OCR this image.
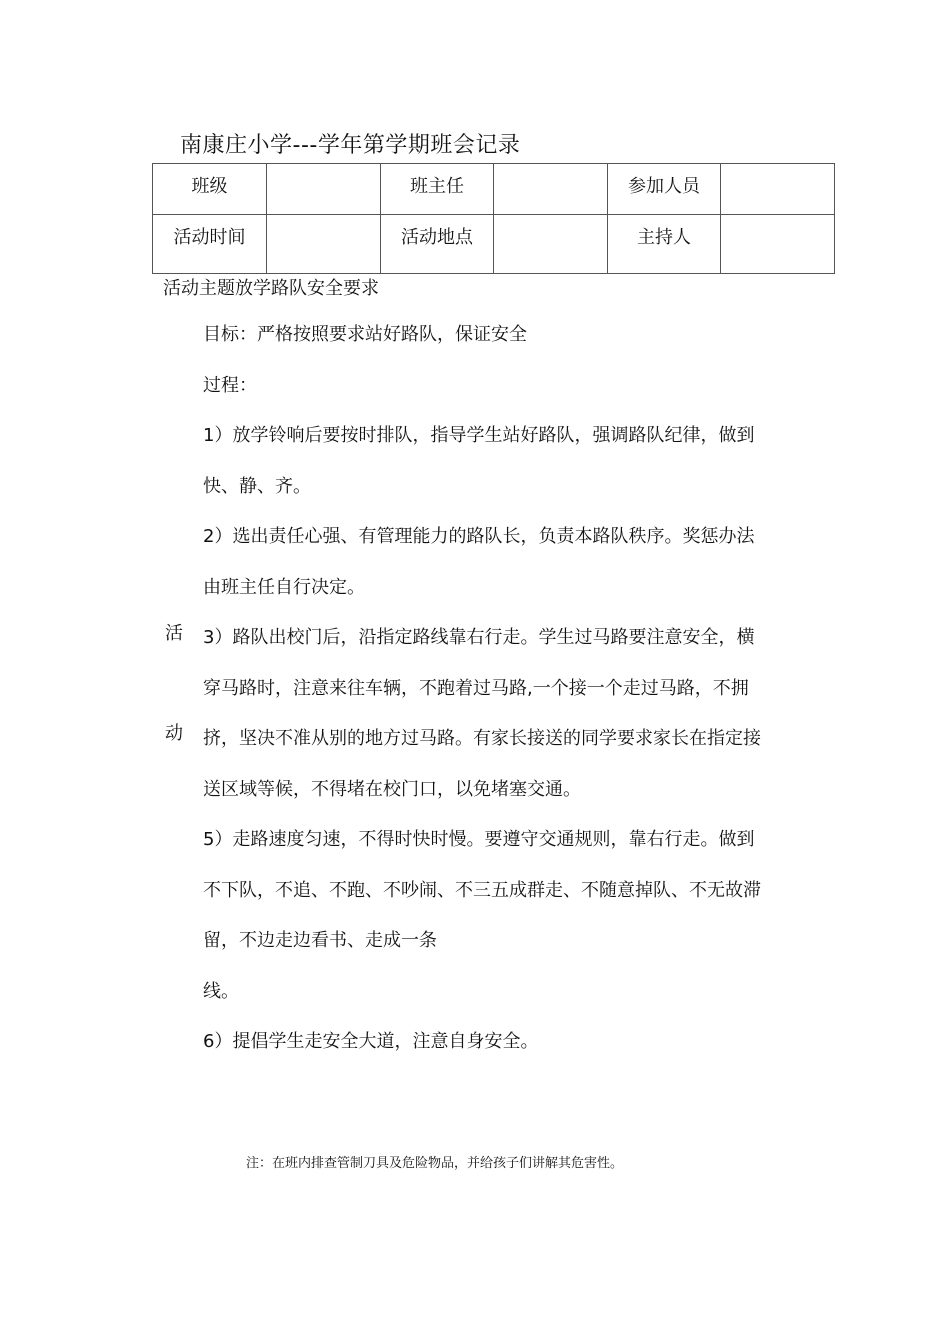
南康庄小学---学年第学期班会记录
班级		班主任		参加人员	
活动时间		活动地点		主持人	
活动主题放学路队安全要求
活
动

目标：严格按照要求站好路队，保证安全

过程：

1）放学铃响后要按时排队，指导学生站好路队，强调路队纪律，做到

快、静、齐。

2）选出责任心强、有管理能力的路队长，负责本路队秩序。奖惩办法

由班主任自行决定。

3）路队出校门后，沿指定路线靠右行走。学生过马路要注意安全，横

穿马路时，注意来往车辆，不跑着过马路,一个接一个走过马路，不拥

挤，坚决不准从别的地方过马路。有家长接送的同学要求家长在指定接

送区域等候，不得堵在校门口，以免堵塞交通。

5）走路速度匀速，不得时快时慢。要遵守交通规则，靠右行走。做到

不下队，不追、不跑、不吵闹、不三五成群走、不随意掉队、不无故滞

留，不边走边看书、走成一条

线。

6）提倡学生走安全大道，注意自身安全。

注：在班内排查管制刀具及危险物品，并给孩子们讲解其危害性。
